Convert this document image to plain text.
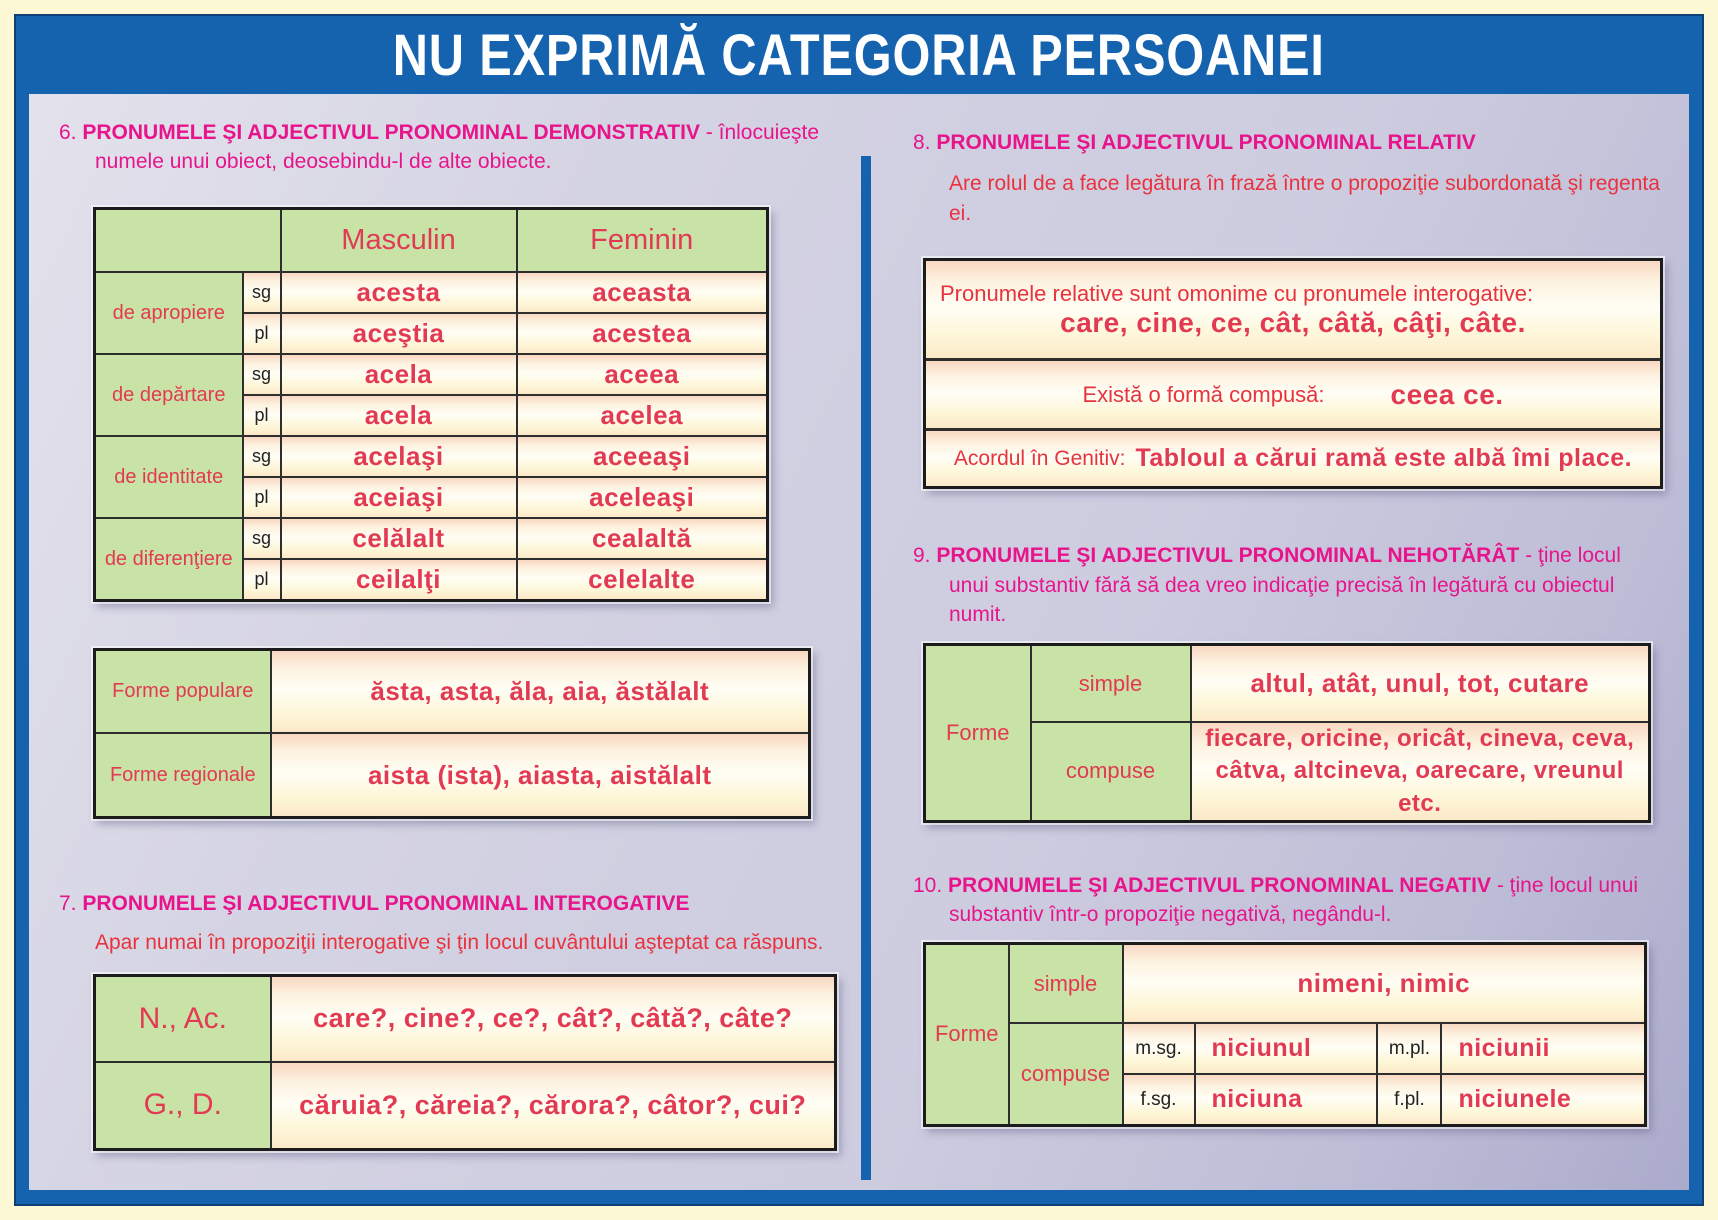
NU EXPRIMĂ CATEGORIA PERSOANEI

6. PRONUMELE ŞI ADJECTIVUL PRONOMINAL DEMONSTRATIV - înlocuieşte numele unui obiect, deosebindu-l de alte obiecte.

		Masculin	Feminin
de apropiere	sg	acesta	aceasta
	pl	aceştia	acestea
de depărtare	sg	acela	aceea
	pl	acela	acelea
de identitate	sg	acelaşi	aceeaşi
	pl	aceiaşi	aceleaşi
de diferenţiere	sg	celălalt	cealaltă
	pl	ceilalţi	celelalte
Forme populare	ăsta, asta, ăla, aia, ăstălalt
Forme regionale	aista (ista), aiasta, aistălalt

7. PRONUMELE ŞI ADJECTIVUL PRONOMINAL INTEROGATIVE

Apar numai în propoziţii interogative şi ţin locul cuvântului aşteptat ca răspuns.

N., Ac.	care?, cine?, ce?, cât?, câtă?, câte?
G., D.	căruia?, căreia?, cărora?, câtor?, cui?

8. PRONUMELE ŞI ADJECTIVUL PRONOMINAL RELATIV

Are rolul de a face legătura în frază între o propoziţie subordonată şi regenta ei.

Pronumele relative sunt omonime cu pronumele interogative:
care, cine, ce, cât, câtă, câţi, câte.
Există o formă compusă: ceea ce.
Acordul în Genitiv: Tabloul a cărui ramă este albă îmi place.

9. PRONUMELE ŞI ADJECTIVUL PRONOMINAL NEHOTĂRÂT - ţine locul unui substantiv fără să dea vreo indicaţie precisă în legătură cu obiectul numit.

Forme	simple	altul, atât, unul, tot, cutare
	compuse	fiecare, oricine, oricât, cineva, ceva, câtva, altcineva, oarecare, vreunul etc.

10. PRONUMELE ŞI ADJECTIVUL PRONOMINAL NEGATIV - ţine locul unui substantiv într-o propoziţie negativă, negându-l.

Forme	simple	nimeni, nimic			
	compuse	m.sg.	niciunul	m.pl.	niciunii
		f.sg.	niciuna	f.pl.	niciunele
